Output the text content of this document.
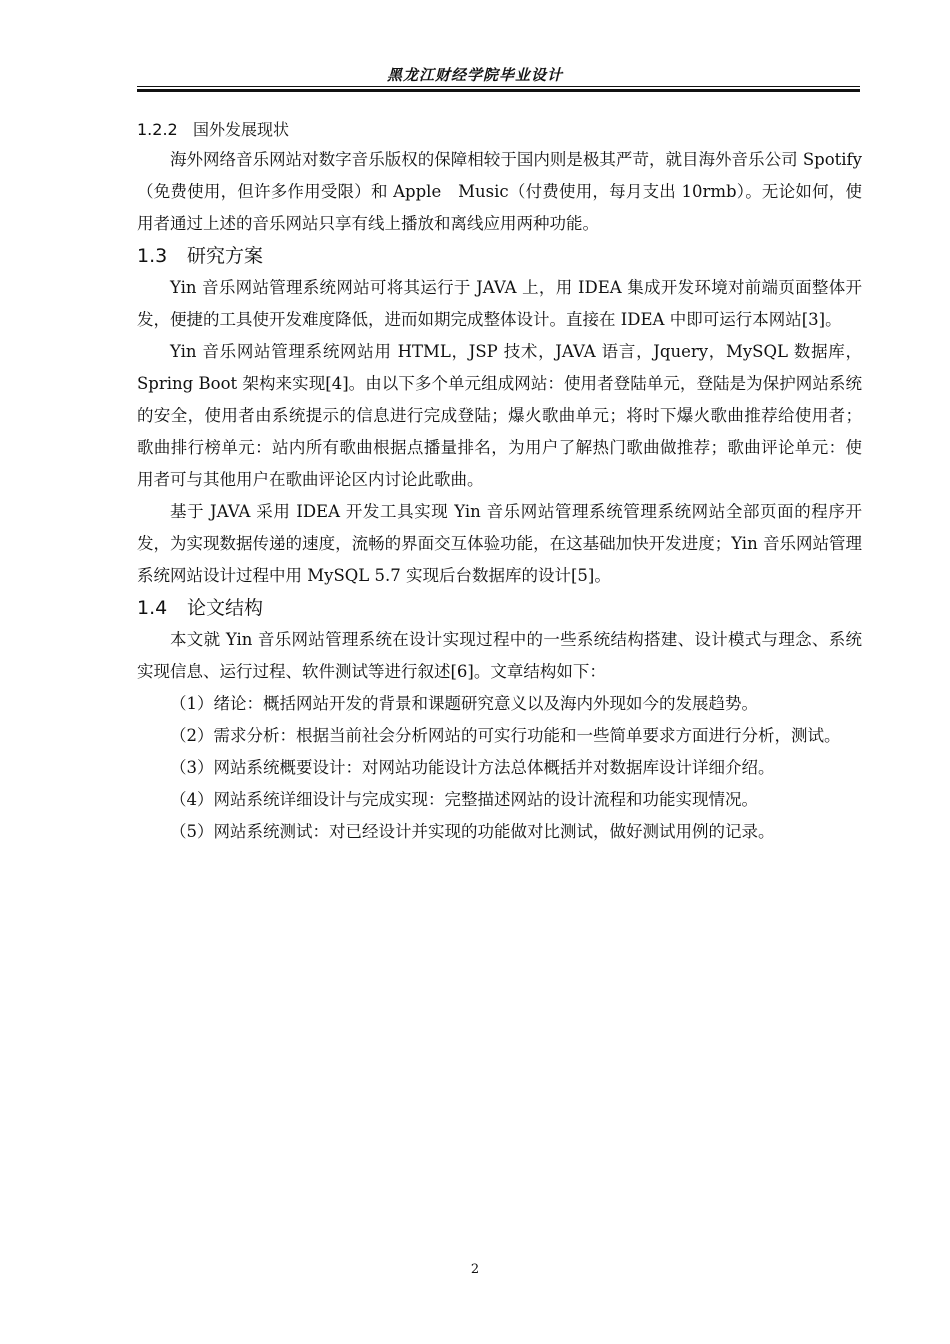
黑龙江财经学院毕业设计
1.2.2 国外发展现状

海外网络音乐网站对数字音乐版权的保障相较于国内则是极其严苛，就目海外音乐公司 Spotify（免费使用，但许多作用受限）和 Apple　Music（付费使用，每月支出 10rmb）。无论如何，使用者通过上述的音乐网站只享有线上播放和离线应用两种功能。

1.3 研究方案

Yin 音乐网站管理系统网站可将其运行于 JAVA 上，用 IDEA 集成开发环境对前端页面整体开发，便捷的工具使开发难度降低，进而如期完成整体设计。直接在 IDEA 中即可运行本网站[3]。

Yin 音乐网站管理系统网站用 HTML，JSP 技术，JAVA 语言，Jquery，MySQL 数据库，Spring Boot 架构来实现[4]。由以下多个单元组成网站：使用者登陆单元，登陆是为保护网站系统的安全，使用者由系统提示的信息进行完成登陆；爆火歌曲单元；将时下爆火歌曲推荐给使用者；歌曲排行榜单元：站内所有歌曲根据点播量排名，为用户了解热门歌曲做推荐；歌曲评论单元：使用者可与其他用户在歌曲评论区内讨论此歌曲。

基于 JAVA 采用 IDEA 开发工具实现 Yin 音乐网站管理系统管理系统网站全部页面的程序开发，为实现数据传递的速度，流畅的界面交互体验功能，在这基础加快开发进度；Yin 音乐网站管理系统网站设计过程中用 MySQL 5.7 实现后台数据库的设计[5]。

1.4 论文结构

本文就 Yin 音乐网站管理系统在设计实现过程中的一些系统结构搭建、设计模式与理念、系统实现信息、运行过程、软件测试等进行叙述[6]。文章结构如下：

（1）绪论：概括网站开发的背景和课题研究意义以及海内外现如今的发展趋势。

（2）需求分析：根据当前社会分析网站的可实行功能和一些简单要求方面进行分析，测试。

（3）网站系统概要设计：对网站功能设计方法总体概括并对数据库设计详细介绍。

（4）网站系统详细设计与完成实现：完整描述网站的设计流程和功能实现情况。

（5）网站系统测试：对已经设计并实现的功能做对比测试，做好测试用例的记录。

2
